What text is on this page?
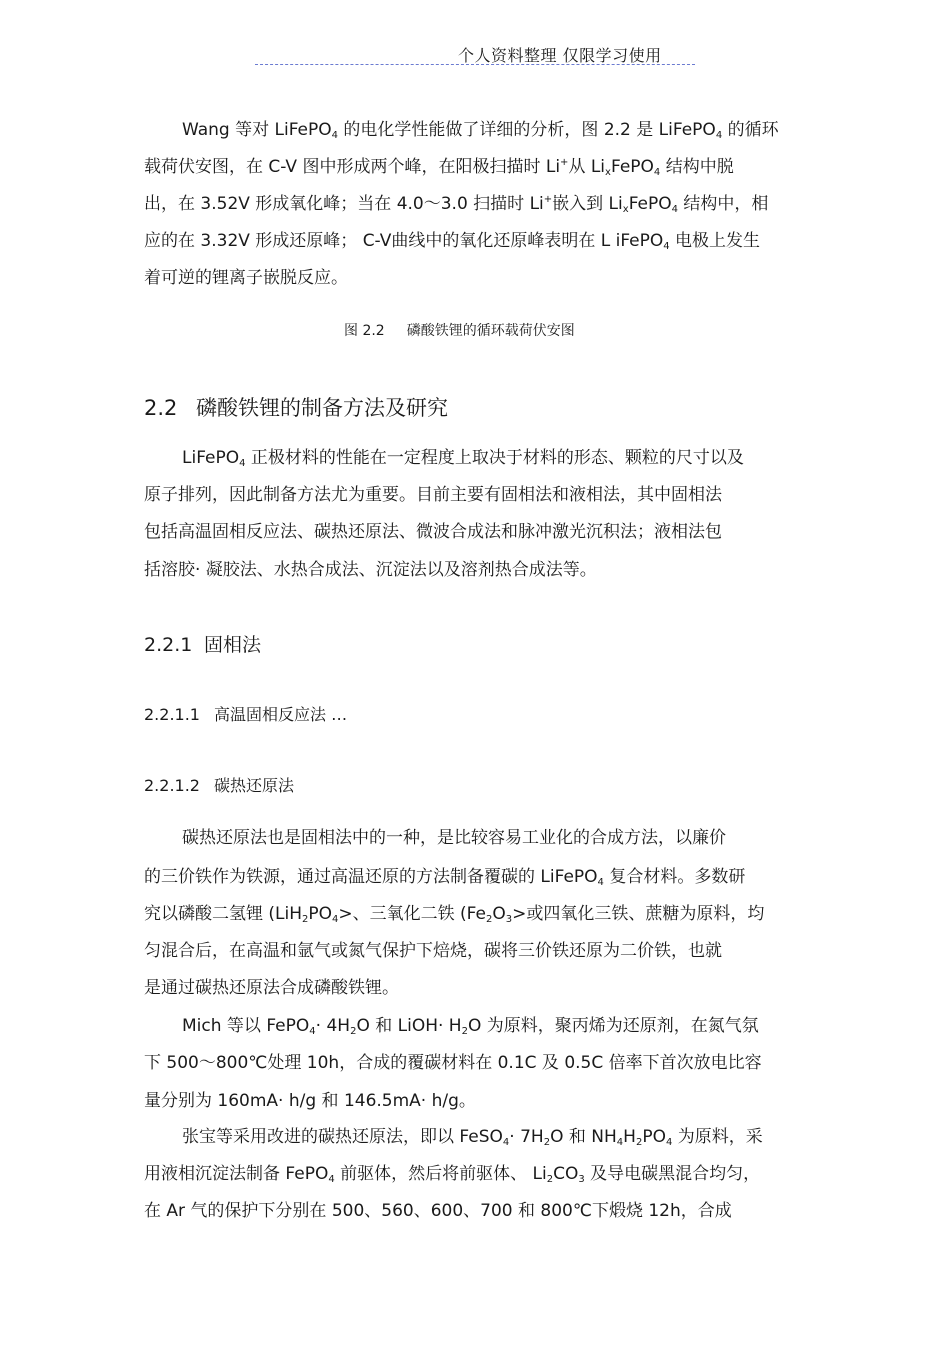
个人资料整理 仅限学习使用
Wang 等对 LiFePO$_4$ 的电化学性能做了详细的分析，图 2.2 是 LiFePO$_4$ 的循环
载荷伏安图，在 C-V 图中形成两个峰，在阳极扫描时 Li+从 $Li_xFePO_4$ 结构中脱
出，在 3.52V 形成氧化峰；当在 4.0～3.0 扫描时 Li+嵌入到 $Li_xFePO_4$ 结构中，相
应的在 3.32V 形成还原峰； C-V曲线中的氧化还原峰表明在 L iFePO$_4$ 电极上发生
着可逆的锂离子嵌脱反应。
图 2.2 磷酸铁锂的循环载荷伏安图
2.2 磷酸铁锂的制备方法及研究
LiFePO$_4$ 正极材料的性能在一定程度上取决于材料的形态、颗粒的尺寸以及
原子排列，因此制备方法尤为重要。目前主要有固相法和液相法，其中固相法
包括高温固相反应法、碳热还原法、微波合成法和脉冲激光沉积法；液相法包
括溶胶· 凝胶法、水热合成法、沉淀法以及溶剂热合成法等。
2.2.1 固相法
2.2.1.1 高温固相反应法 …
2.2.1.2 碳热还原法
碳热还原法也是固相法中的一种，是比较容易工业化的合成方法，以廉价
的三价铁作为铁源，通过高温还原的方法制备覆碳的 LiFePO$_4$ 复合材料。多数研
究以磷酸二氢锂 ($LiH_2PO_4>$、三氧化二铁 ($Fe_2O_3>$或四氧化三铁、蔗糖为原料，均
匀混合后，在高温和氩气或氮气保护下焙烧，碳将三价铁还原为二价铁，也就
是通过碳热还原法合成磷酸铁锂。
Mich 等以 FePO$_4$· $4H_2O$ 和 LiOH· $H_2O$ 为原料，聚丙烯为还原剂，在氮气氛
下 500～800℃处理 10h，合成的覆碳材料在 0.1C 及 0.5C 倍率下首次放电比容
量分别为 160mA· h/g 和 146.5mA· h/g。
张宝等采用改进的碳热还原法，即以 FeSO$_4$· $7H_2O$ 和 $NH_4H_2PO_4$ 为原料，采
用液相沉淀法制备 FePO$_4$ 前驱体，然后将前驱体、 $Li_2CO_3$ 及导电碳黑混合均匀，
在 Ar 气的保护下分别在 500、560、600、700 和 800℃下煅烧 12h，合成
